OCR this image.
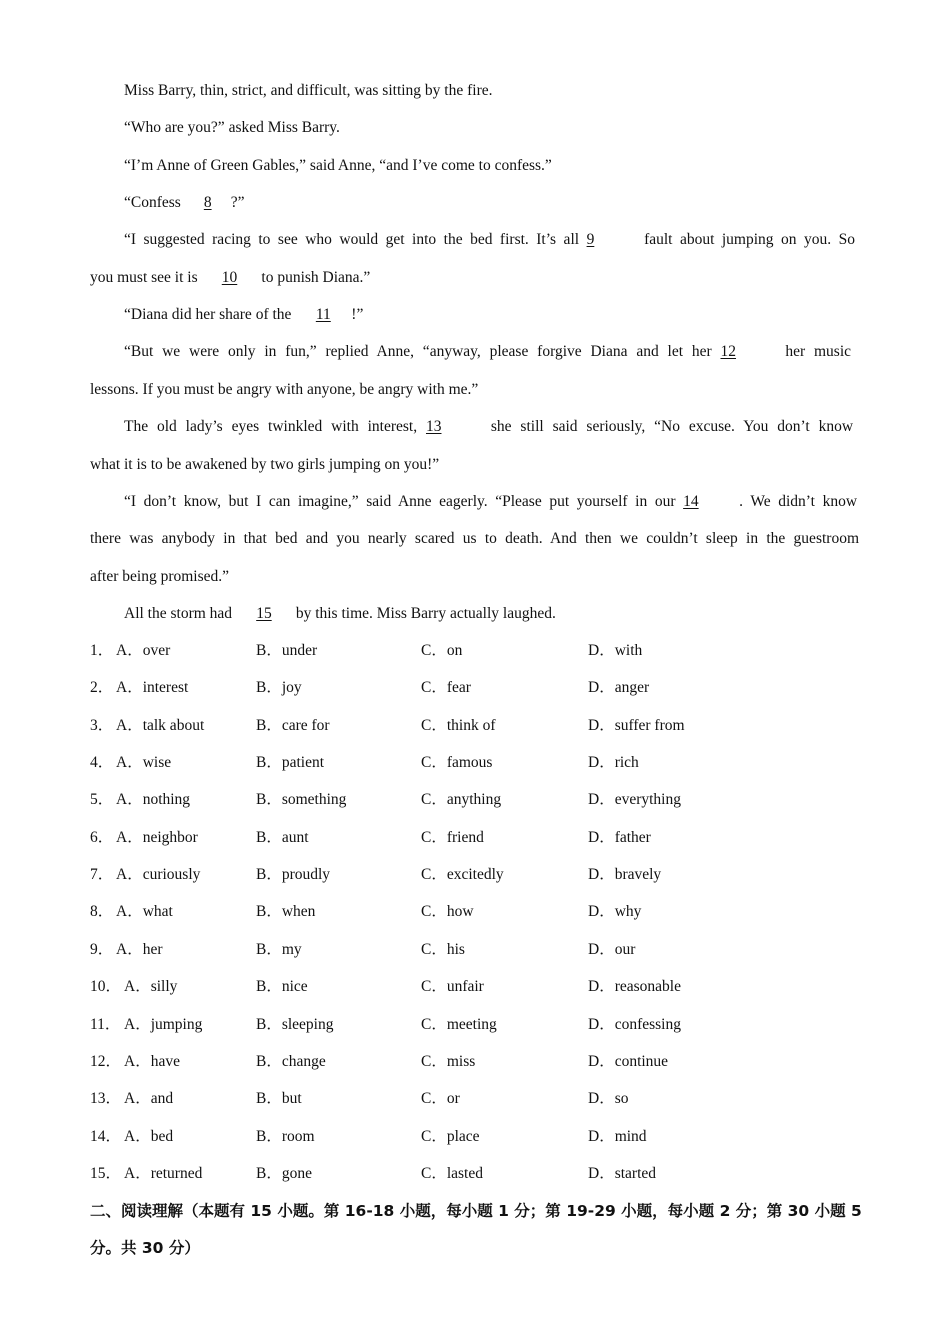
Miss Barry, thin, strict, and difficult, was sitting by the fire.
“Who are you?” asked Miss Barry.
“I’m Anne of Green Gables,” said Anne, “and I’ve come to confess.”
“Confess 8 ?”
“I suggested racing to see who would get into the bed first. It’s all 9	fault about jumping on you. So
you must see it is 10 to punish Diana.”
“Diana did her share of the 11 !”
“But we were only in fun,” replied Anne, “anyway, please forgive Diana and let her 12	her music
lessons. If you must be angry with anyone, be angry with me.”
The old lady’s eyes twinkled with interest, 13	she still said seriously, “No excuse. You don’t know
what it is to be awakened by two girls jumping on you!”
“I don’t know, but I can imagine,” said Anne eagerly. “Please put yourself in our 14	. We didn’t know
there was anybody in that bed and you nearly scared us to death. And then we couldn’t sleep in the guestroom
after being promised.”
All the storm had 15 by this time. Miss Barry actually laughed.
1． A．over	B．under	C．on	D．with
2． A．interest	B．joy	C．fear	D．anger
3． A．talk about	B．care for	C．think of	D．suffer from
4． A．wise	B．patient	C．famous	D．rich
5． A．nothing	B．something	C．anything	D．everything
6． A．neighbor	B．aunt	C．friend	D．father
7． A．curiously	B．proudly	C．excitedly	D．bravely
8． A．what	B．when	C．how	D．why
9． A．her	B．my	C．his	D．our
10． A．silly	B．nice	C．unfair	D．reasonable
11． A．jumping	B．sleeping	C．meeting	D．confessing
12． A．have	B．change	C．miss	D．continue
13． A．and	B．but	C．or	D．so
14． A．bed	B．room	C．place	D．mind
15． A．returned	B．gone	C．lasted	D．started
二、阅读理解（本题有 15 小题。第 16-18 小题，每小题 1 分；第 19-29 小题，每小题 2 分；第 30 小题 5
分。共 30 分）
